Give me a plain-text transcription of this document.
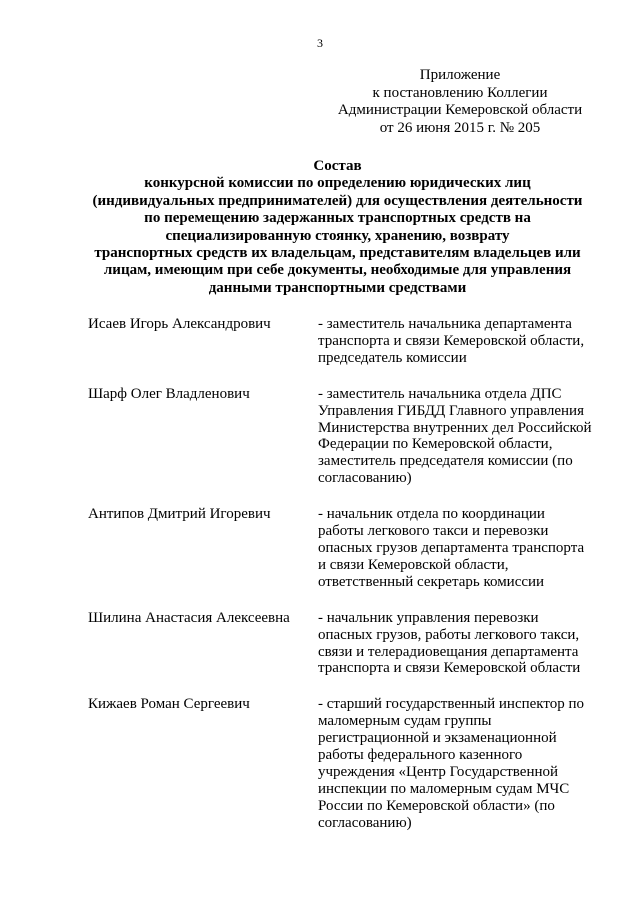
3
Приложение
к постановлению Коллегии
Администрации Кемеровской области
от 26 июня 2015 г. № 205
Состав
конкурсной комиссии по определению юридических лиц
(индивидуальных предпринимателей) для осуществления деятельности
по перемещению задержанных транспортных средств на
специализированную стоянку, хранению, возврату
транспортных средств их владельцам, представителям владельцев или
лицам, имеющим при себе документы, необходимые для управления
данными транспортными средствами
Исаев Игорь Александрович	- заместитель начальника департамента
транспорта и связи Кемеровской области,
председатель комиссии
Шарф Олег Владленович	- заместитель начальника отдела ДПС
Управления ГИБДД Главного управления
Министерства внутренних дел Российской
Федерации по Кемеровской области,
заместитель председателя комиссии (по
согласованию)
Антипов Дмитрий Игоревич	- начальник отдела по координации
работы легкового такси и перевозки
опасных грузов департамента транспорта
и связи Кемеровской области,
ответственный секретарь комиссии
Шилина Анастасия Алексеевна	- начальник управления перевозки
опасных грузов, работы легкового такси,
связи и телерадиовещания департамента
транспорта и связи Кемеровской области
Кижаев Роман Сергеевич	- старший государственный инспектор по
маломерным судам группы
регистрационной и экзаменационной
работы федерального казенного
учреждения «Центр Государственной
инспекции по маломерным судам МЧС
России по Кемеровской области» (по
согласованию)
